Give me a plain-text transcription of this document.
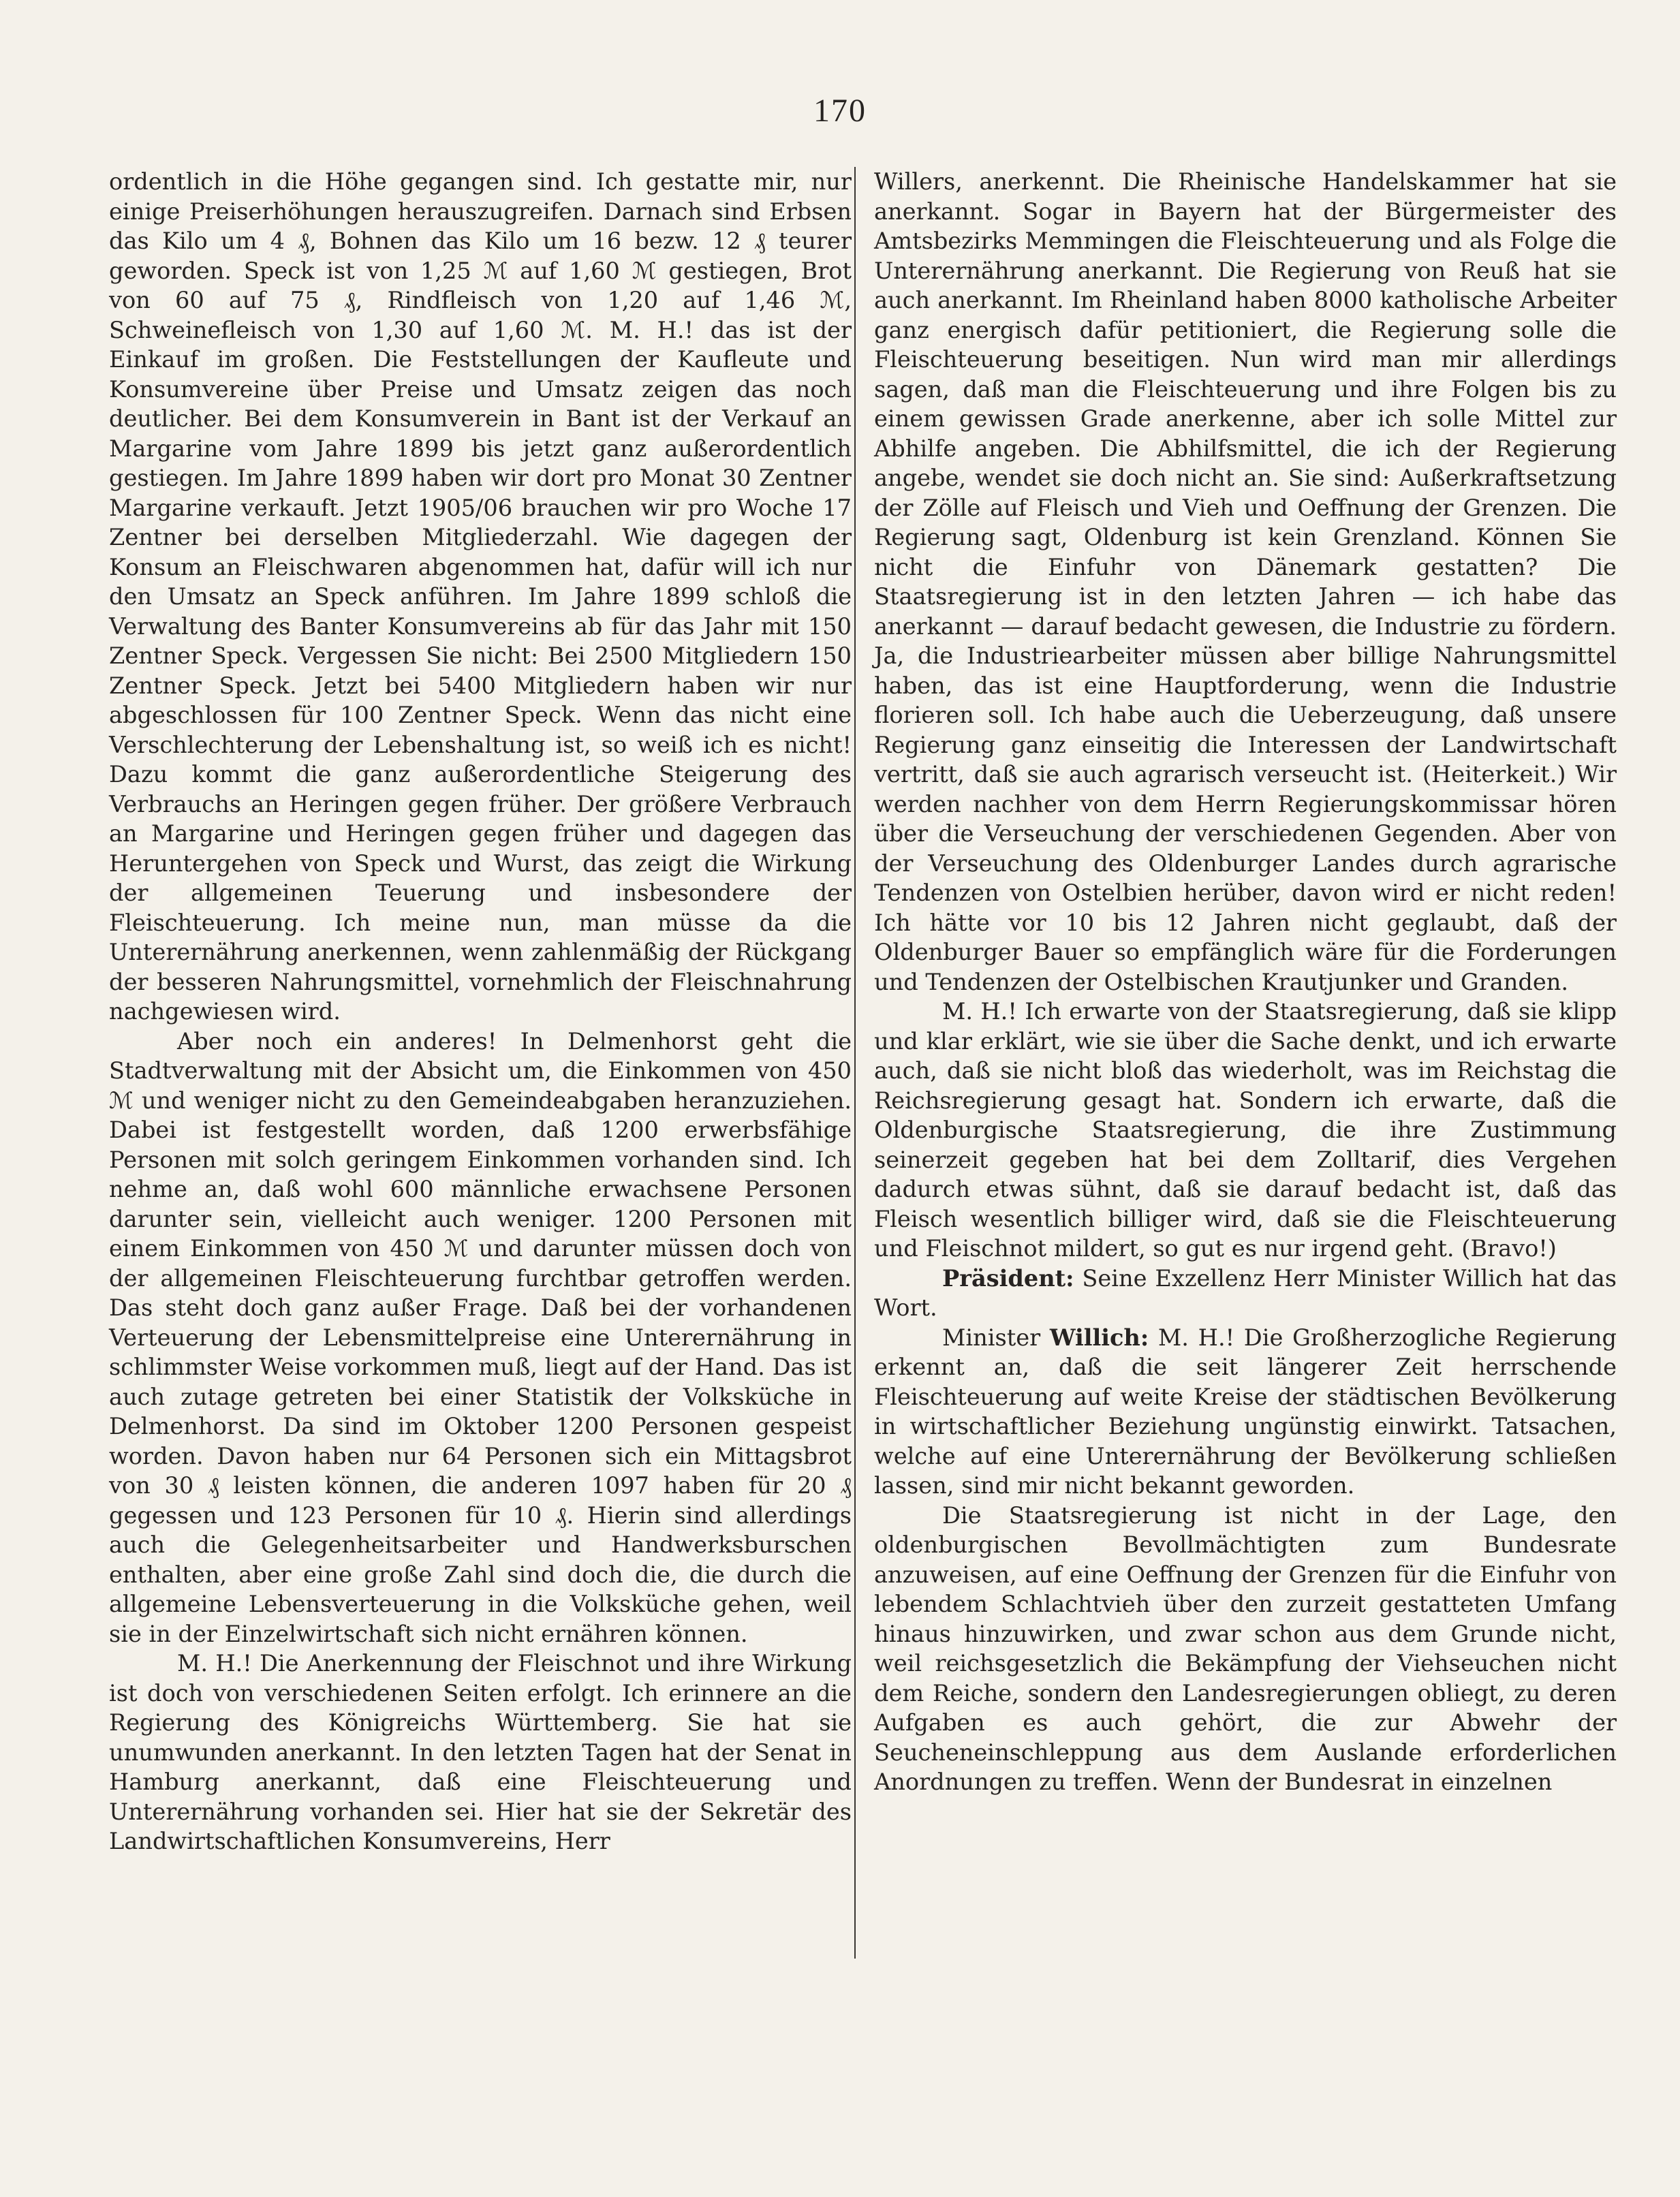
170

ordentlich in die Höhe gegangen sind. Ich gestatte mir, nur einige Preiserhöhungen herauszugreifen. Darnach sind Erbsen das Kilo um 4 ₰, Bohnen das Kilo um 16 bezw. 12 ₰ teurer geworden. Speck ist von 1,25 ℳ auf 1,60 ℳ gestiegen, Brot von 60 auf 75 ₰, Rindfleisch von 1,20 auf 1,46 ℳ, Schweinefleisch von 1,30 auf 1,60 ℳ. M. H.! das ist der Einkauf im großen. Die Feststellungen der Kaufleute und Konsumvereine über Preise und Umsatz zeigen das noch deutlicher. Bei dem Konsumverein in Bant ist der Verkauf an Margarine vom Jahre 1899 bis jetzt ganz außerordentlich gestiegen. Im Jahre 1899 haben wir dort pro Monat 30 Zentner Margarine verkauft. Jetzt 1905/06 brauchen wir pro Woche 17 Zentner bei derselben Mitgliederzahl. Wie dagegen der Konsum an Fleischwaren abgenommen hat, dafür will ich nur den Umsatz an Speck anführen. Im Jahre 1899 schloß die Verwaltung des Banter Konsumvereins ab für das Jahr mit 150 Zentner Speck. Vergessen Sie nicht: Bei 2500 Mitgliedern 150 Zentner Speck. Jetzt bei 5400 Mitgliedern haben wir nur abgeschlossen für 100 Zentner Speck. Wenn das nicht eine Verschlechterung der Lebenshaltung ist, so weiß ich es nicht! Dazu kommt die ganz außerordentliche Steigerung des Verbrauchs an Heringen gegen früher. Der größere Verbrauch an Margarine und Heringen gegen früher und dagegen das Heruntergehen von Speck und Wurst, das zeigt die Wirkung der allgemeinen Teuerung und insbesondere der Fleischteuerung. Ich meine nun, man müsse da die Unterernährung anerkennen, wenn zahlenmäßig der Rückgang der besseren Nahrungsmittel, vornehmlich der Fleischnahrung nachgewiesen wird.

Aber noch ein anderes! In Delmenhorst geht die Stadtverwaltung mit der Absicht um, die Einkommen von 450 ℳ und weniger nicht zu den Gemeindeabgaben heranzuziehen. Dabei ist festgestellt worden, daß 1200 erwerbsfähige Personen mit solch geringem Einkommen vorhanden sind. Ich nehme an, daß wohl 600 männliche erwachsene Personen darunter sein, vielleicht auch weniger. 1200 Personen mit einem Einkommen von 450 ℳ und darunter müssen doch von der allgemeinen Fleischteuerung furchtbar getroffen werden. Das steht doch ganz außer Frage. Daß bei der vorhandenen Verteuerung der Lebensmittelpreise eine Unterernährung in schlimmster Weise vorkommen muß, liegt auf der Hand. Das ist auch zutage getreten bei einer Statistik der Volksküche in Delmenhorst. Da sind im Oktober 1200 Personen gespeist worden. Davon haben nur 64 Personen sich ein Mittagsbrot von 30 ₰ leisten können, die anderen 1097 haben für 20 ₰ gegessen und 123 Personen für 10 ₰. Hierin sind allerdings auch die Gelegenheitsarbeiter und Handwerksburschen enthalten, aber eine große Zahl sind doch die, die durch die allgemeine Lebensverteuerung in die Volksküche gehen, weil sie in der Einzelwirtschaft sich nicht ernähren können.

M. H.! Die Anerkennung der Fleischnot und ihre Wirkung ist doch von verschiedenen Seiten erfolgt. Ich erinnere an die Regierung des Königreichs Württemberg. Sie hat sie unumwunden anerkannt. In den letzten Tagen hat der Senat in Hamburg anerkannt, daß eine Fleischteuerung und Unterernährung vorhanden sei. Hier hat sie der Sekretär des Landwirtschaftlichen Konsumvereins, Herr

Willers, anerkennt. Die Rheinische Handelskammer hat sie anerkannt. Sogar in Bayern hat der Bürgermeister des Amtsbezirks Memmingen die Fleischteuerung und als Folge die Unterernährung anerkannt. Die Regierung von Reuß hat sie auch anerkannt. Im Rheinland haben 8000 katholische Arbeiter ganz energisch dafür petitioniert, die Regierung solle die Fleischteuerung beseitigen. Nun wird man mir allerdings sagen, daß man die Fleischteuerung und ihre Folgen bis zu einem gewissen Grade anerkenne, aber ich solle Mittel zur Abhilfe angeben. Die Abhilfsmittel, die ich der Regierung angebe, wendet sie doch nicht an. Sie sind: Außerkraftsetzung der Zölle auf Fleisch und Vieh und Oeffnung der Grenzen. Die Regierung sagt, Oldenburg ist kein Grenzland. Können Sie nicht die Einfuhr von Dänemark gestatten? Die Staatsregierung ist in den letzten Jahren — ich habe das anerkannt — darauf bedacht gewesen, die Industrie zu fördern. Ja, die Industriearbeiter müssen aber billige Nahrungsmittel haben, das ist eine Hauptforderung, wenn die Industrie florieren soll. Ich habe auch die Ueberzeugung, daß unsere Regierung ganz einseitig die Interessen der Landwirtschaft vertritt, daß sie auch agrarisch verseucht ist. (Heiterkeit.) Wir werden nachher von dem Herrn Regierungskommissar hören über die Verseuchung der verschiedenen Gegenden. Aber von der Verseuchung des Oldenburger Landes durch agrarische Tendenzen von Ostelbien herüber, davon wird er nicht reden! Ich hätte vor 10 bis 12 Jahren nicht geglaubt, daß der Oldenburger Bauer so empfänglich wäre für die Forderungen und Tendenzen der Ostelbischen Krautjunker und Granden.

M. H.! Ich erwarte von der Staatsregierung, daß sie klipp und klar erklärt, wie sie über die Sache denkt, und ich erwarte auch, daß sie nicht bloß das wiederholt, was im Reichstag die Reichsregierung gesagt hat. Sondern ich erwarte, daß die Oldenburgische Staatsregierung, die ihre Zustimmung seinerzeit gegeben hat bei dem Zolltarif, dies Vergehen dadurch etwas sühnt, daß sie darauf bedacht ist, daß das Fleisch wesentlich billiger wird, daß sie die Fleischteuerung und Fleischnot mildert, so gut es nur irgend geht. (Bravo!)

Präsident: Seine Exzellenz Herr Minister Willich hat das Wort.

Minister Willich: M. H.! Die Großherzogliche Regierung erkennt an, daß die seit längerer Zeit herrschende Fleischteuerung auf weite Kreise der städtischen Bevölkerung in wirtschaftlicher Beziehung ungünstig einwirkt. Tatsachen, welche auf eine Unterernährung der Bevölkerung schließen lassen, sind mir nicht bekannt geworden.

Die Staatsregierung ist nicht in der Lage, den oldenburgischen Bevollmächtigten zum Bundesrate anzuweisen, auf eine Oeffnung der Grenzen für die Einfuhr von lebendem Schlachtvieh über den zurzeit gestatteten Umfang hinaus hinzuwirken, und zwar schon aus dem Grunde nicht, weil reichsgesetzlich die Bekämpfung der Viehseuchen nicht dem Reiche, sondern den Landesregierungen obliegt, zu deren Aufgaben es auch gehört, die zur Abwehr der Seucheneinschleppung aus dem Auslande erforderlichen Anordnungen zu treffen. Wenn der Bundesrat in einzelnen
